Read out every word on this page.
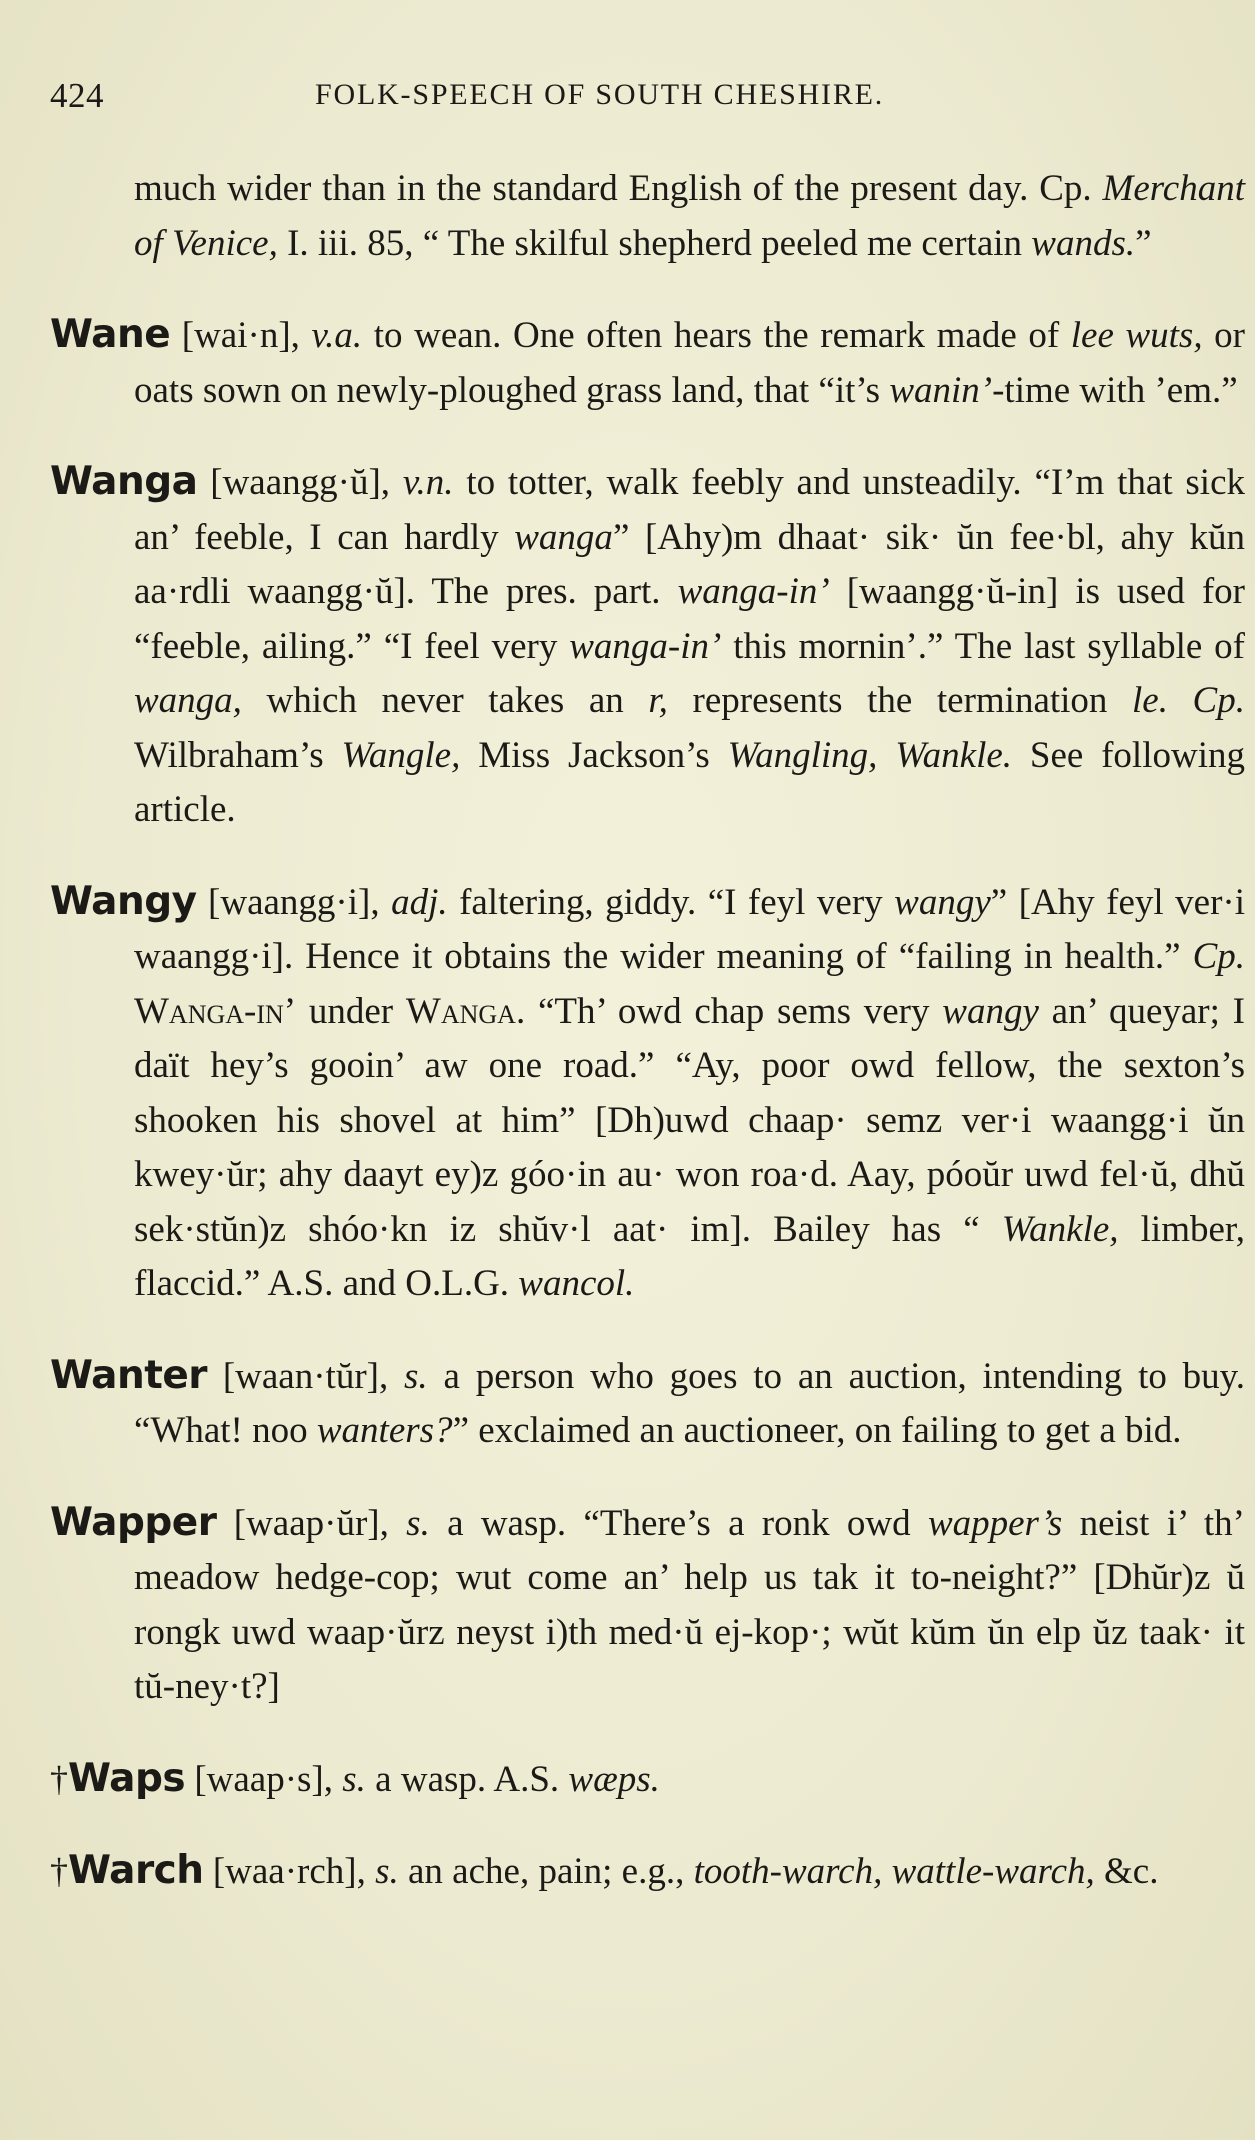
424	FOLK-SPEECH OF SOUTH CHESHIRE.

much wider than in the standard English of the present day. Cp. Merchant of Venice, I. iii. 85, “ The skilful shepherd peeled me certain wands.”

Wane [wai·n], v.a. to wean. One often hears the remark made of lee wuts, or oats sown on newly-ploughed grass land, that “it’s wanin’-time with ’em.”

Wanga [waangg·ŭ], v.n. to totter, walk feebly and unsteadily. “I’m that sick an’ feeble, I can hardly wanga” [Ahy)m dhaat· sik· ŭn fee·bl, ahy kŭn aa·rdli waangg·ŭ]. The pres. part. wanga-in’ [waangg·ŭ-in] is used for “feeble, ailing.” “I feel very wanga-in’ this mornin’.” The last syllable of wanga, which never takes an r, represents the termination le. Cp. Wilbraham’s Wangle, Miss Jackson’s Wangling, Wankle. See following article.

Wangy [waangg·i], adj. faltering, giddy. “I feyl very wangy” [Ahy feyl ver·i waangg·i]. Hence it obtains the wider meaning of “failing in health.” Cp. Wanga-in’ under Wanga. “Th’ owd chap sems very wangy an’ queyar; I daït hey’s gooin’ aw one road.” “Ay, poor owd fellow, the sexton’s shooken his shovel at him” [Dh)uwd chaap· semz ver·i waangg·i ŭn kwey·ŭr; ahy daayt ey)z góo·in au· won roa·d. Aay, póoŭr uwd fel·ŭ, dhŭ sek·stŭn)z shóo·kn iz shŭv·l aat· im]. Bailey has “ Wankle, limber, flaccid.” A.S. and O.L.G. wancol.

Wanter [waan·tŭr], s. a person who goes to an auction, intending to buy. “What! noo wanters?” exclaimed an auctioneer, on failing to get a bid.

Wapper [waap·ŭr], s. a wasp. “There’s a ronk owd wapper’s neist i’ th’ meadow hedge-cop; wut come an’ help us tak it to-neight?” [Dhŭr)z ŭ rongk uwd waap·ŭrz neyst i)th med·ŭ ej-kop·; wŭt kŭm ŭn elp ŭz taak· it tŭ-ney·t?]

†Waps [waap·s], s. a wasp. A.S. wæps.

†Warch [waa·rch], s. an ache, pain; e.g., tooth-warch, wattle-warch, &c.
